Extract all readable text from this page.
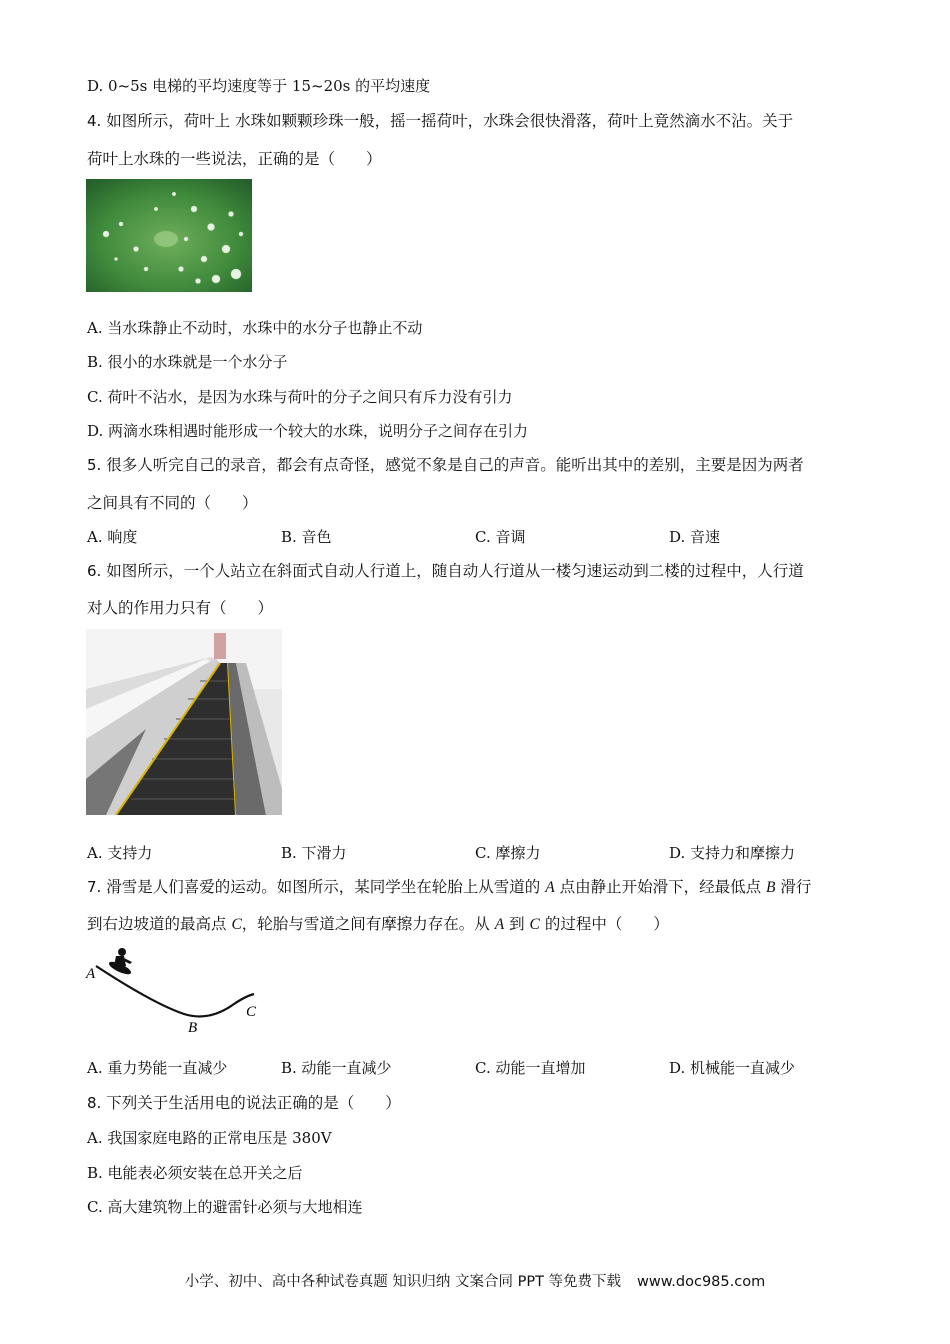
D. 0~5s 电梯的平均速度等于 15~20s 的平均速度
4. 如图所示，荷叶上 水珠如颗颗珍珠一般，摇一摇荷叶，水珠会很快滑落，荷叶上竟然滴水不沾。关于
荷叶上水珠的一些说法，正确的是（　　）
A. 当水珠静止不动时，水珠中的水分子也静止不动
B. 很小的水珠就是一个水分子
C. 荷叶不沾水，是因为水珠与荷叶的分子之间只有斥力没有引力
D. 两滴水珠相遇时能形成一个较大的水珠，说明分子之间存在引力
5. 很多人听完自己的录音，都会有点奇怪，感觉不象是自己的声音。能听出其中的差别，主要是因为两者
之间具有不同的（　　）
A. 响度	B. 音色	C. 音调	D. 音速
6. 如图所示，一个人站立在斜面式自动人行道上，随自动人行道从一楼匀速运动到二楼的过程中，人行道
对人的作用力只有（　　）
A. 支持力	B. 下滑力	C. 摩擦力	D. 支持力和摩擦力
7. 滑雪是人们喜爱的运动。如图所示，某同学坐在轮胎上从雪道的 A 点由静止开始滑下，经最低点 B 滑行
到右边坡道的最高点 C，轮胎与雪道之间有摩擦力存在。从 A 到 C 的过程中（　　）
A
B
C
A. 重力势能一直减少	B. 动能一直减少	C. 动能一直增加	D. 机械能一直减少
8. 下列关于生活用电的说法正确的是（　　）
A. 我国家庭电路的正常电压是 380V
B. 电能表必须安装在总开关之后
C. 高大建筑物上的避雷针必须与大地相连
小学、初中、高中各种试卷真题 知识归纳 文案合同 PPT 等免费下载 www.doc985.com
